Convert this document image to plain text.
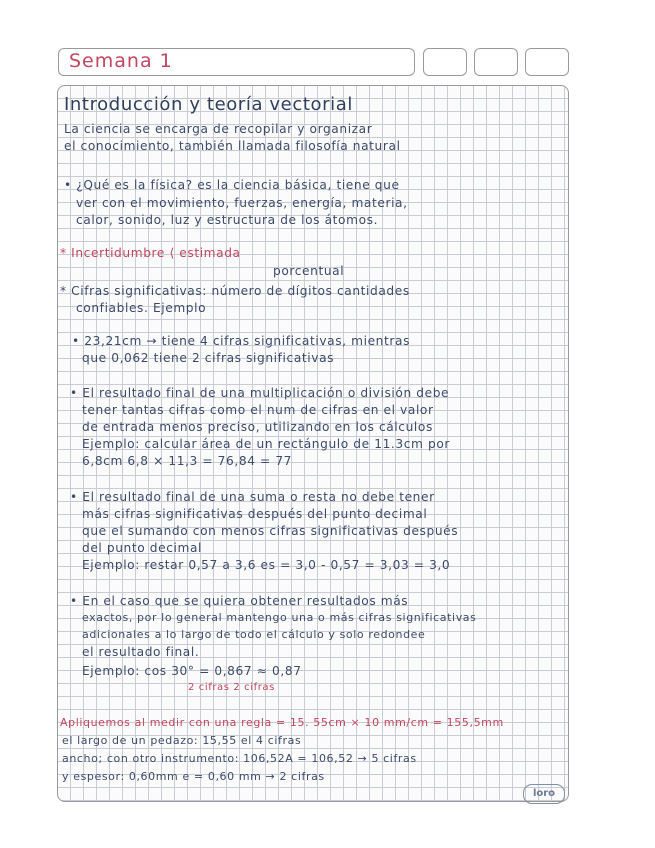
Semana 1
Introducción y teoría vectorial
La ciencia se encarga de recopilar y organizar
el conocimiento, también llamada filosofía natural
• ¿Qué es la física? es la ciencia básica, tiene que
ver con el movimiento, fuerzas, energía, materia,
calor, sonido, luz y estructura de los átomos.
* Incertidumbre ⟨ estimada
porcentual
* Cifras significativas: número de dígitos cantidades
confiables. Ejemplo
• 23,21cm → tiene 4 cifras significativas, mientras
que 0,062 tiene 2 cifras significativas
• El resultado final de una multiplicación o división debe
tener tantas cifras como el num de cifras en el valor
de entrada menos preciso, utilizando en los cálculos
Ejemplo: calcular área de un rectángulo de 11.3cm por
6,8cm 6,8 × 11,3 = 76,84 = 77
• El resultado final de una suma o resta no debe tener
más cifras significativas después del punto decimal
que el sumando con menos cifras significativas después
del punto decimal
Ejemplo: restar 0,57 a 3,6 es = 3,0 - 0,57 = 3,03 = 3,0
• En el caso que se quiera obtener resultados más
exactos, por lo general mantengo una o más cifras significativas
adicionales a lo largo de todo el cálculo y solo redondee
el resultado final.
Ejemplo: cos 30° = 0,867 ≈ 0,87
2 cifras 2 cifras
Apliquemos al medir con una regla = 15. 55cm × 10 mm/cm = 155,5mm
el largo de un pedazo: 15,55 el 4 cifras
ancho; con otro instrumento: 106,52A = 106,52 → 5 cifras
y espesor: 0,60mm e = 0,60 mm → 2 cifras
loro
